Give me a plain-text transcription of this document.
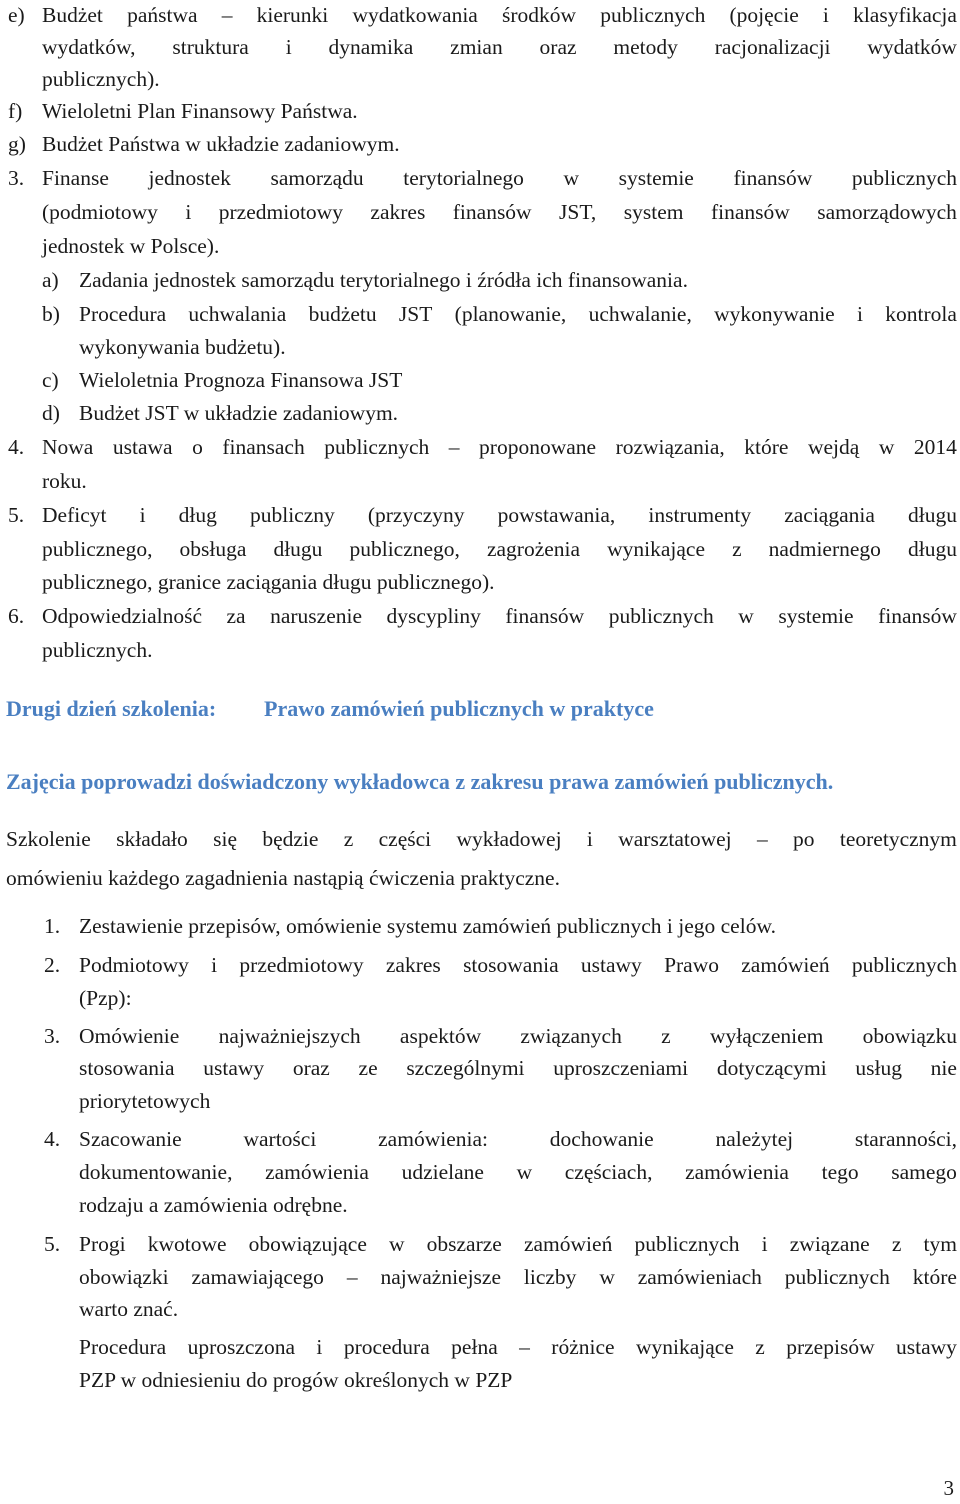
e) Budżet państwa – kierunki wydatkowania środków publicznych (pojęcie i klasyfikacja
wydatków, struktura i dynamika zmian oraz metody racjonalizacji wydatków
publicznych).
f) Wieloletni Plan Finansowy Państwa.
g) Budżet Państwa w układzie zadaniowym.
3. Finanse jednostek samorządu terytorialnego w systemie finansów publicznych
(podmiotowy i przedmiotowy zakres finansów JST, system finansów samorządowych
jednostek w Polsce).
a) Zadania jednostek samorządu terytorialnego i źródła ich finansowania.
b) Procedura uchwalania budżetu JST (planowanie, uchwalanie, wykonywanie i kontrola
wykonywania budżetu).
c) Wieloletnia Prognoza Finansowa JST
d) Budżet JST w układzie zadaniowym.
4. Nowa ustawa o finansach publicznych – proponowane rozwiązania, które wejdą w 2014
roku.
5. Deficyt i dług publiczny (przyczyny powstawania, instrumenty zaciągania długu
publicznego, obsługa długu publicznego, zagrożenia wynikające z nadmiernego długu
publicznego, granice zaciągania długu publicznego).
6. Odpowiedzialność za naruszenie dyscypliny finansów publicznych w systemie finansów
publicznych.
Drugi dzień szkolenia: Prawo zamówień publicznych w praktyce
Zajęcia poprowadzi doświadczony wykładowca z zakresu prawa zamówień publicznych.
Szkolenie składało się będzie z części wykładowej i warsztatowej – po teoretycznym
omówieniu każdego zagadnienia nastąpią ćwiczenia praktyczne.
1. Zestawienie przepisów, omówienie systemu zamówień publicznych i jego celów.
2. Podmiotowy i przedmiotowy zakres stosowania ustawy Prawo zamówień publicznych
(Pzp):
3. Omówienie najważniejszych aspektów związanych z wyłączeniem obowiązku
stosowania ustawy oraz ze szczególnymi uproszczeniami dotyczącymi usług nie
priorytetowych
4. Szacowanie	wartości	zamówienia:	dochowanie	należytej	staranności,
dokumentowanie, zamówienia udzielane w częściach, zamówienia tego samego
rodzaju a zamówienia odrębne.
5. Progi kwotowe obowiązujące w obszarze zamówień publicznych i związane z tym
obowiązki zamawiającego – najważniejsze liczby w zamówieniach publicznych które
warto znać.
Procedura uproszczona i procedura pełna – różnice wynikające z przepisów ustawy
PZP w odniesieniu do progów określonych w PZP
3
